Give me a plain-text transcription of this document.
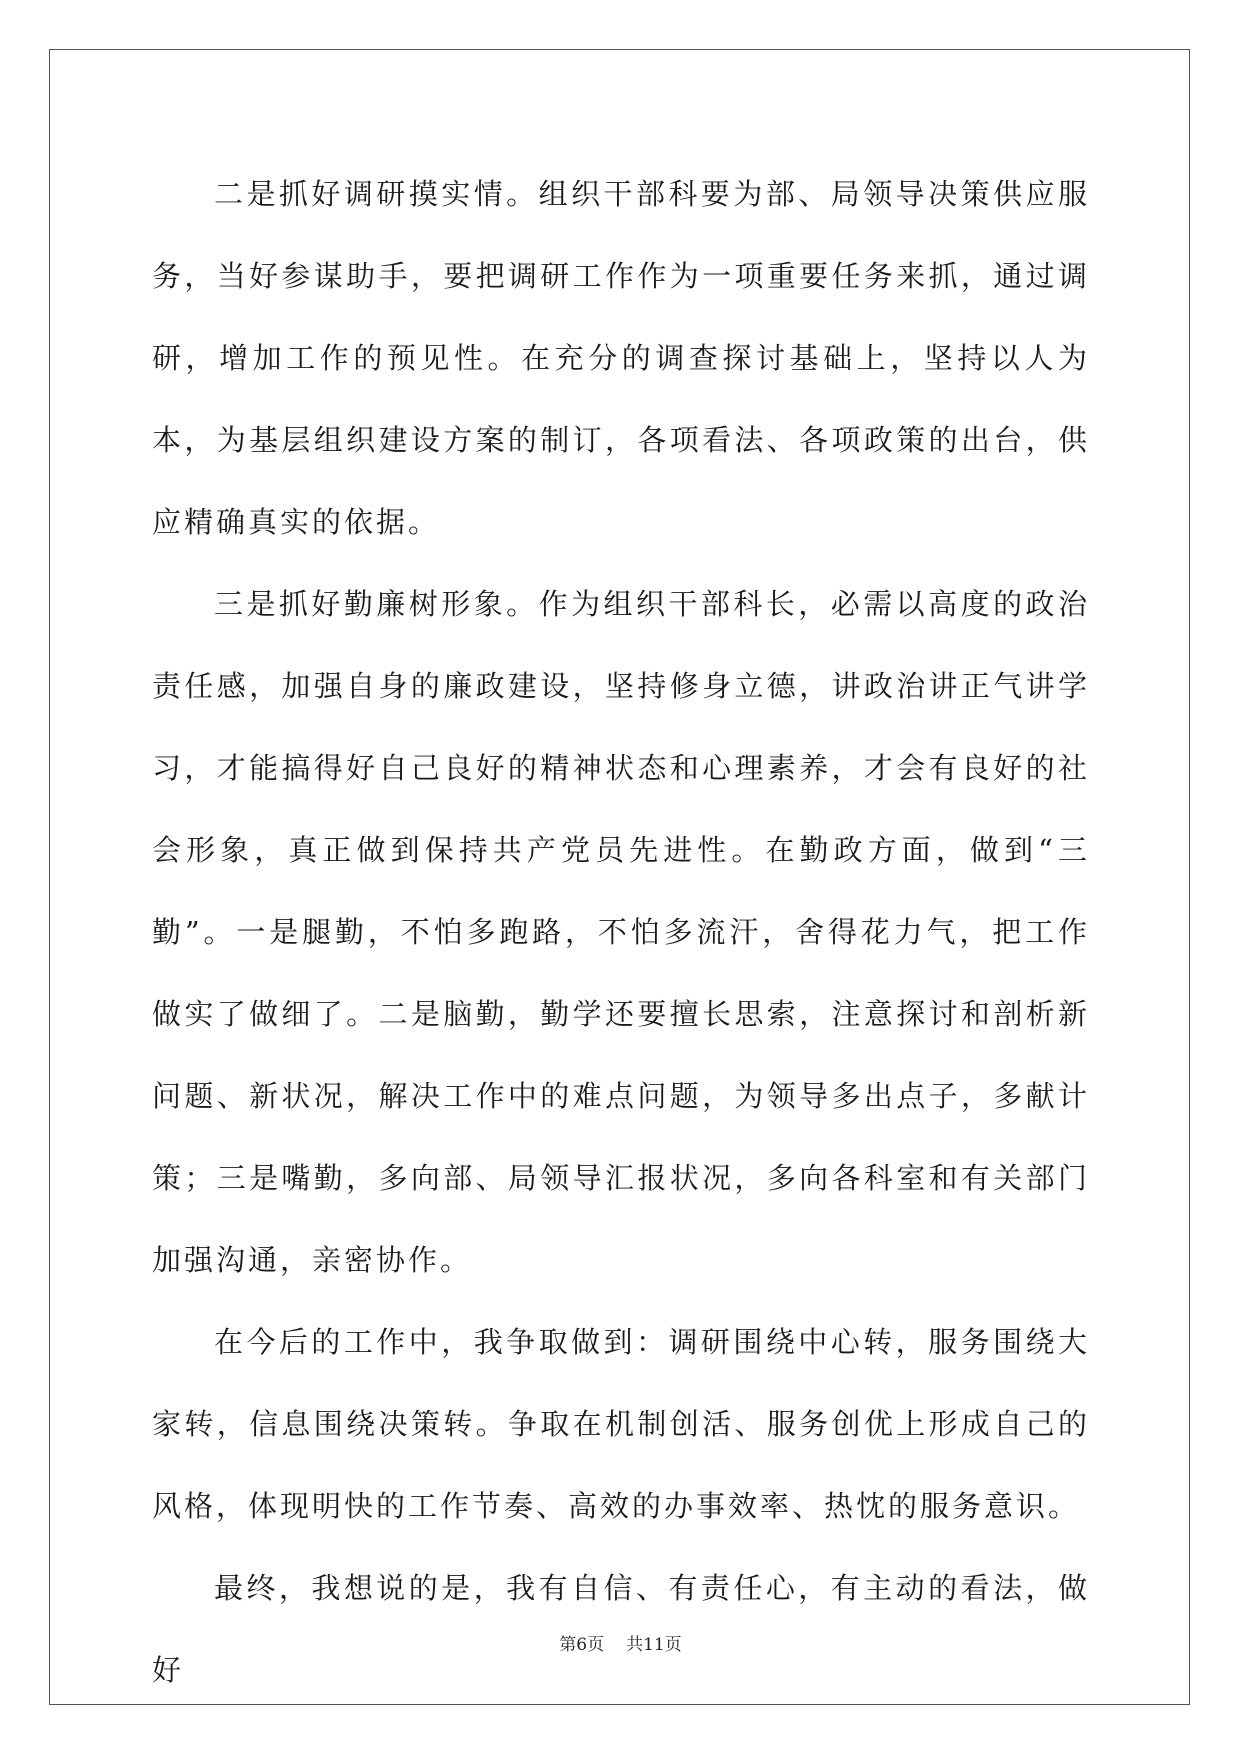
二是抓好调研摸实情。组织干部科要为部、局领导决策供应服务，当好参谋助手，要把调研工作作为一项重要任务来抓，通过调研，增加工作的预见性。在充分的调查探讨基础上，坚持以人为本，为基层组织建设方案的制订，各项看法、各项政策的出台，供应精确真实的依据。

三是抓好勤廉树形象。作为组织干部科长，必需以高度的政治责任感，加强自身的廉政建设，坚持修身立德，讲政治讲正气讲学习，才能搞得好自己良好的精神状态和心理素养，才会有良好的社会形象，真正做到保持共产党员先进性。在勤政方面，做到“三勤”。一是腿勤，不怕多跑路，不怕多流汗，舍得花力气，把工作做实了做细了。二是脑勤，勤学还要擅长思索，注意探讨和剖析新问题、新状况，解决工作中的难点问题，为领导多出点子，多献计策；三是嘴勤，多向部、局领导汇报状况，多向各科室和有关部门加强沟通，亲密协作。

在今后的工作中，我争取做到：调研围绕中心转，服务围绕大家转，信息围绕决策转。争取在机制创活、服务创优上形成自己的风格，体现明快的工作节奏、高效的办事效率、热忱的服务意识。

最终，我想说的是，我有自信、有责任心，有主动的看法，做好

第6页 共11页
